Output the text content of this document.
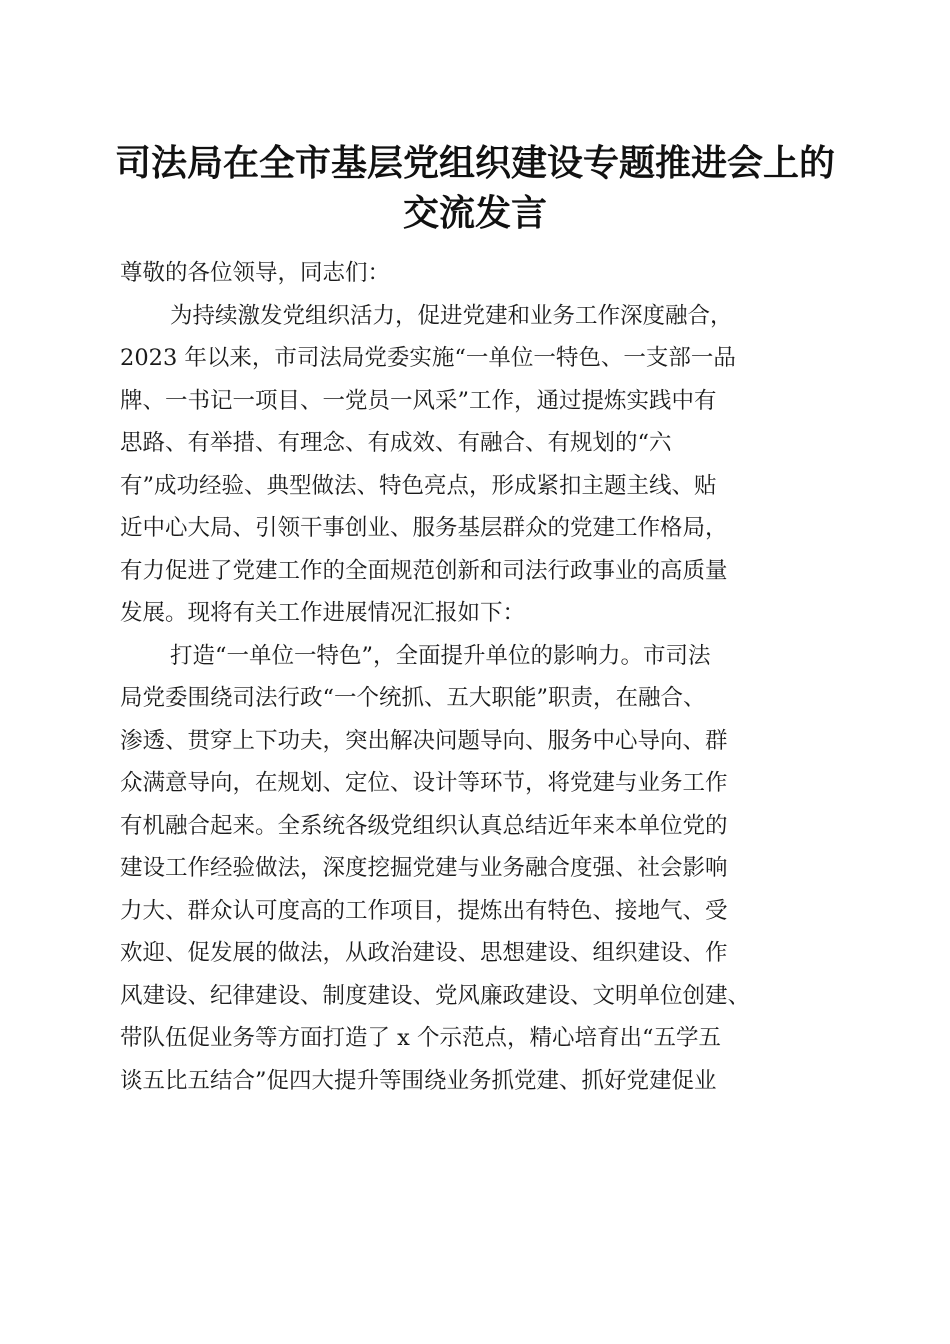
司法局在全市基层党组织建设专题推进会上的
交流发言
尊敬的各位领导，同志们：
为持续激发党组织活力，促进党建和业务工作深度融合，
2023 年以来，市司法局党委实施“一单位一特色、一支部一品
牌、一书记一项目、一党员一风采”工作，通过提炼实践中有
思路、有举措、有理念、有成效、有融合、有规划的“六
有”成功经验、典型做法、特色亮点，形成紧扣主题主线、贴
近中心大局、引领干事创业、服务基层群众的党建工作格局，
有力促进了党建工作的全面规范创新和司法行政事业的高质量
发展。现将有关工作进展情况汇报如下：
打造“一单位一特色”，全面提升单位的影响力。市司法
局党委围绕司法行政“一个统抓、五大职能”职责，在融合、
渗透、贯穿上下功夫，突出解决问题导向、服务中心导向、群
众满意导向，在规划、定位、设计等环节，将党建与业务工作
有机融合起来。全系统各级党组织认真总结近年来本单位党的
建设工作经验做法，深度挖掘党建与业务融合度强、社会影响
力大、群众认可度高的工作项目，提炼出有特色、接地气、受
欢迎、促发展的做法，从政治建设、思想建设、组织建设、作
风建设、纪律建设、制度建设、党风廉政建设、文明单位创建、
带队伍促业务等方面打造了 x 个示范点，精心培育出“五学五
谈五比五结合”促四大提升等围绕业务抓党建、抓好党建促业
